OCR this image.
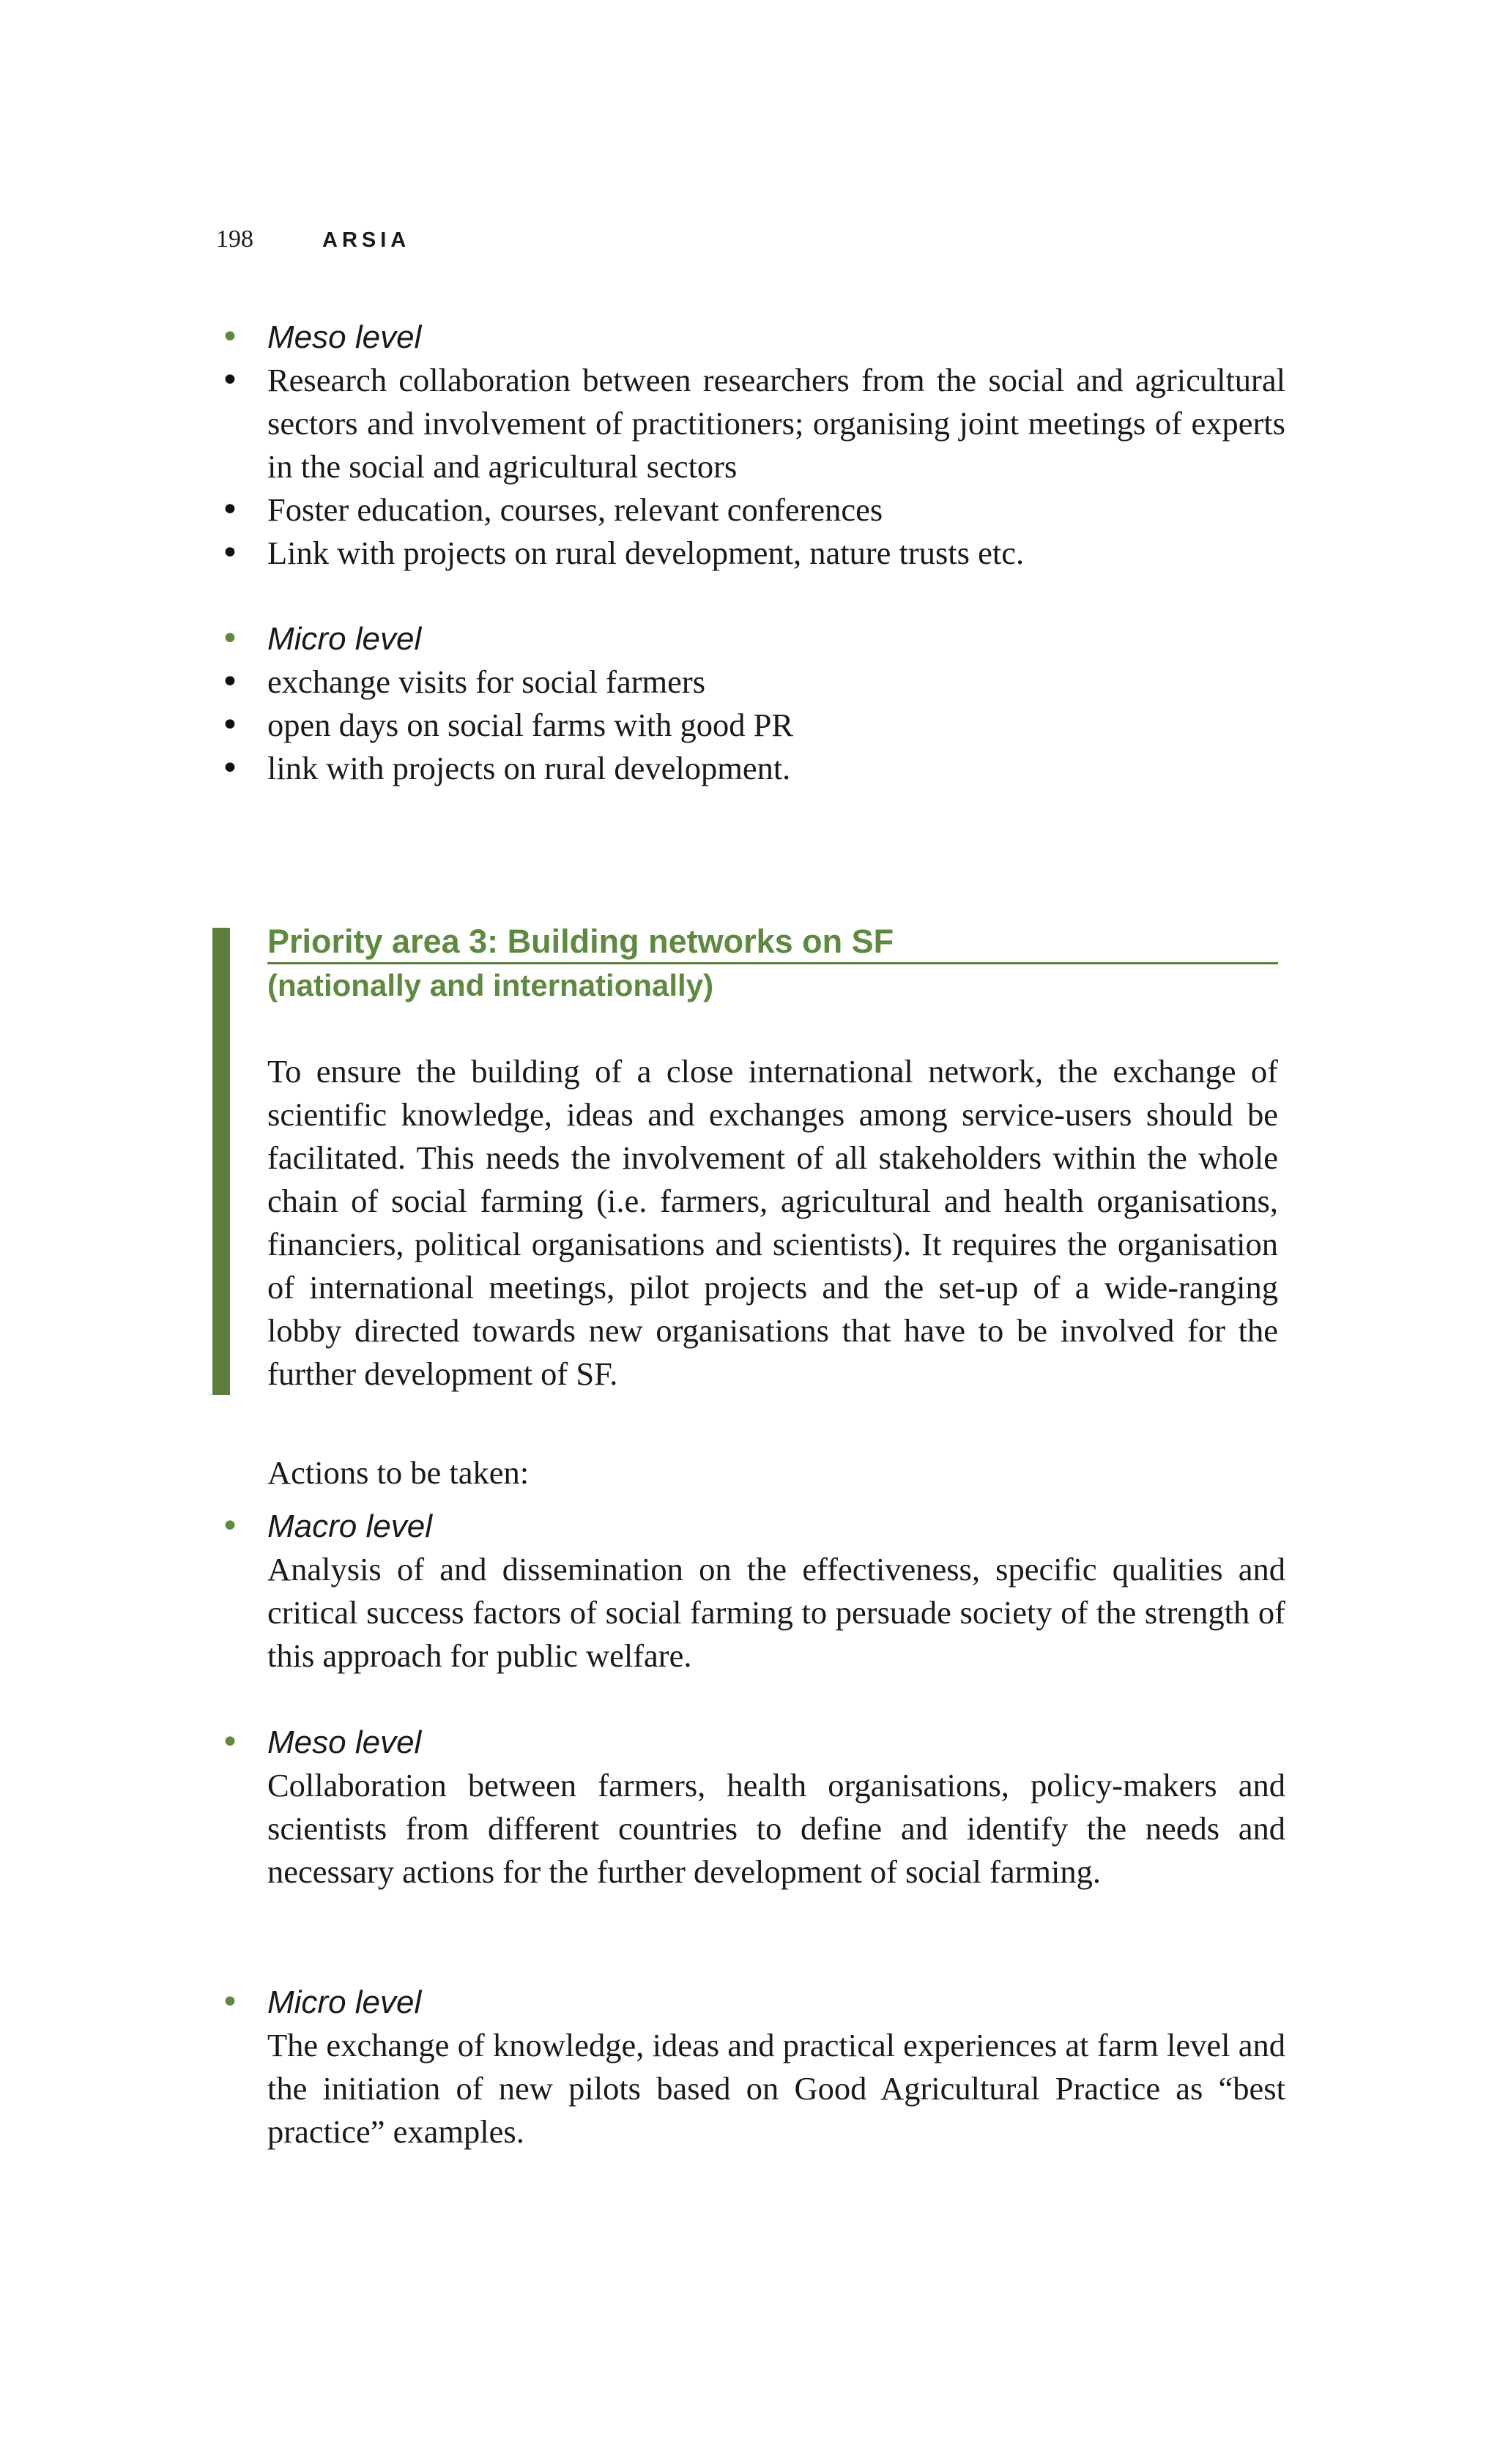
198	ARSIA
• Meso level
• Research collaboration between researchers from the social and agricultural sectors and involvement of practitioners; organising joint meetings of experts in the social and agricultural sectors
• Foster education, courses, relevant conferences
• Link with projects on rural development, nature trusts etc.
• Micro level
• exchange visits for social farmers
• open days on social farms with good PR
• link with projects on rural development.
Priority area 3: Building networks on SF
(nationally and internationally)
To ensure the building of a close international network, the exchange of scientific knowledge, ideas and exchanges among service-users should be facilitated. This needs the involvement of all stakeholders within the whole chain of social farming (i.e. farmers, agricultural and health organisations, financiers, political organisations and scientists). It requires the organisation of international meetings, pilot projects and the set-up of a wide-ranging lobby directed towards new organisations that have to be involved for the further development of SF.
Actions to be taken:
• Macro level
Analysis of and dissemination on the effectiveness, specific qualities and critical success factors of social farming to persuade society of the strength of this approach for public welfare.
• Meso level
Collaboration between farmers, health organisations, policy-makers and scientists from different countries to define and identify the needs and necessary actions for the further development of social farming.
• Micro level
The exchange of knowledge, ideas and practical experiences at farm level and the initiation of new pilots based on Good Agricultural Practice as “best practice” examples.
